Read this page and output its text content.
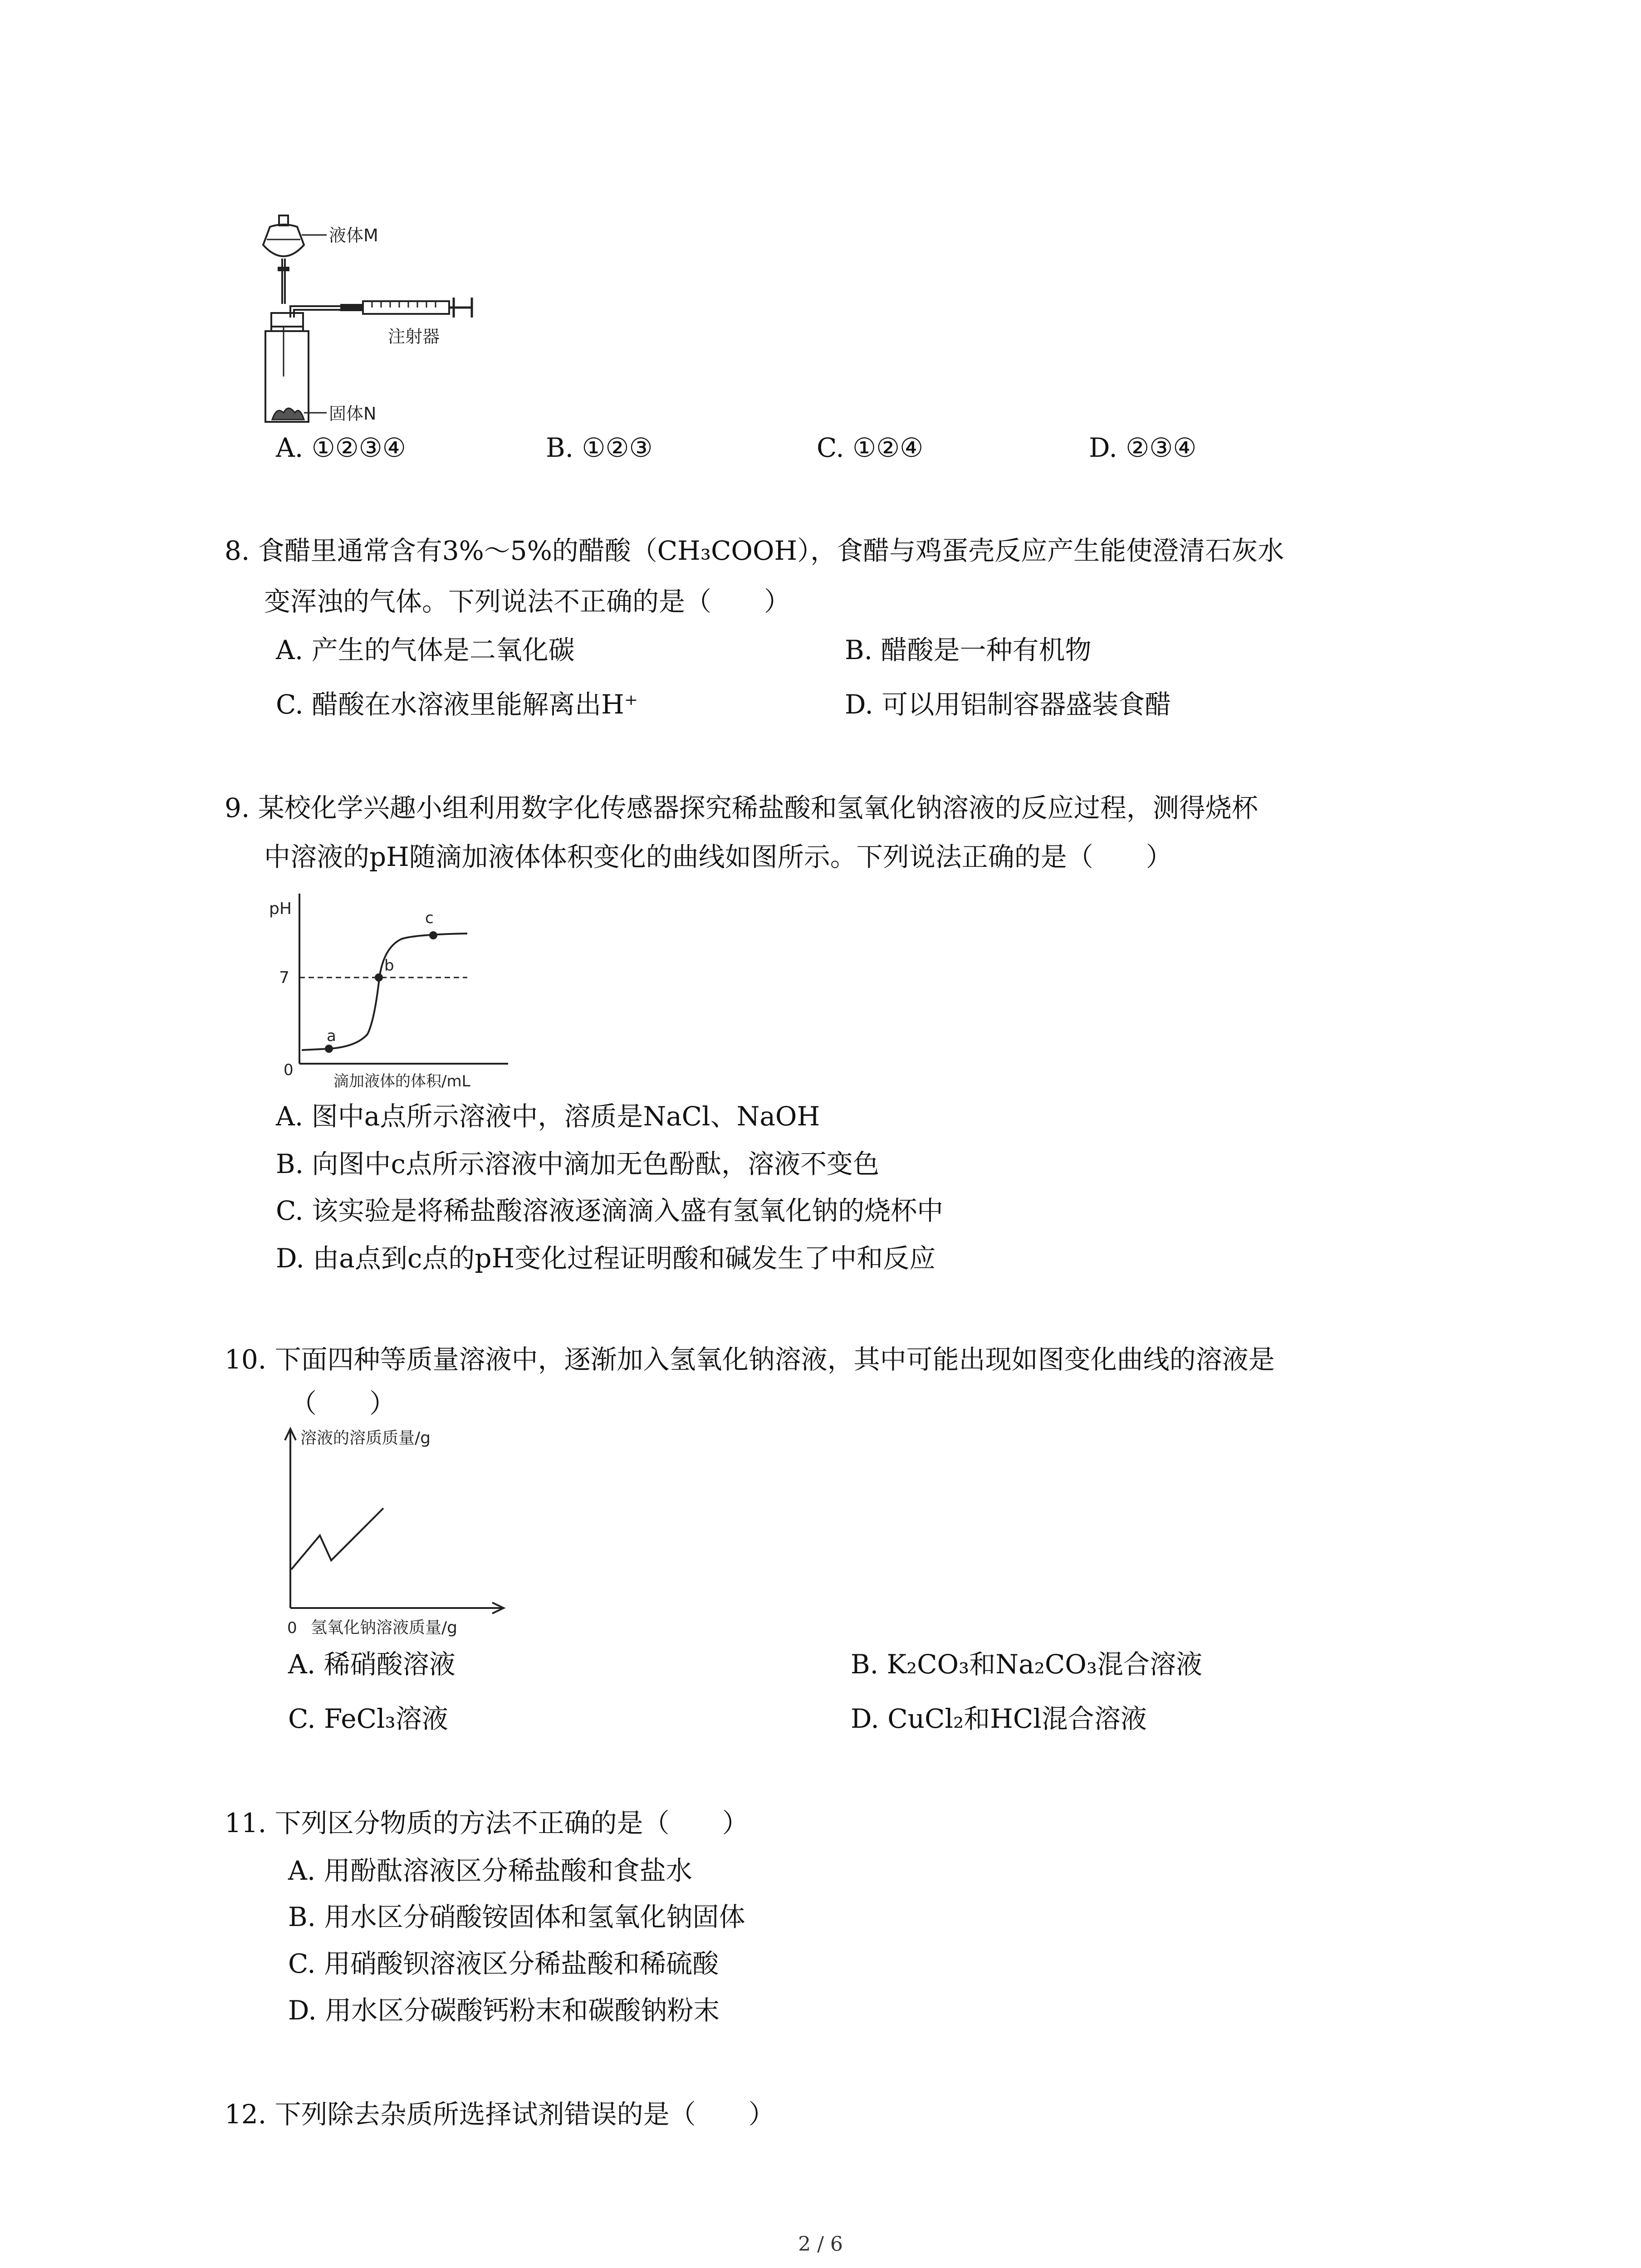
液体M
注射器
固体N
A. ①②③④	B. ①②③	C. ①②④	D. ②③④
8. 食醋里通常含有3%～5%的醋酸（CH₃COOH），食醋与鸡蛋壳反应产生能使澄清石灰水
变浑浊的气体。下列说法不正确的是（　　）
A. 产生的气体是二氧化碳	B. 醋酸是一种有机物
C. 醋酸在水溶液里能解离出H⁺	D. 可以用铝制容器盛装食醋
9. 某校化学兴趣小组利用数字化传感器探究稀盐酸和氢氧化钠溶液的反应过程，测得烧杯
中溶液的pH随滴加液体体积变化的曲线如图所示。下列说法正确的是（　　）
a
b
c
pH
7
0
滴加液体的体积/mL
A. 图中a点所示溶液中，溶质是NaCl、NaOH
B. 向图中c点所示溶液中滴加无色酚酞，溶液不变色
C. 该实验是将稀盐酸溶液逐滴滴入盛有氢氧化钠的烧杯中
D. 由a点到c点的pH变化过程证明酸和碱发生了中和反应
10. 下面四种等质量溶液中，逐渐加入氢氧化钠溶液，其中可能出现如图变化曲线的溶液是
（　　）
溶液的溶质质量/g
0 氢氧化钠溶液质量/g
A. 稀硝酸溶液	B. K₂CO₃和Na₂CO₃混合溶液
C. FeCl₃溶液	D. CuCl₂和HCl混合溶液
11. 下列区分物质的方法不正确的是（　　）
A. 用酚酞溶液区分稀盐酸和食盐水
B. 用水区分硝酸铵固体和氢氧化钠固体
C. 用硝酸钡溶液区分稀盐酸和稀硫酸
D. 用水区分碳酸钙粉末和碳酸钠粉末
12. 下列除去杂质所选择试剂错误的是（　　）
2 / 6
